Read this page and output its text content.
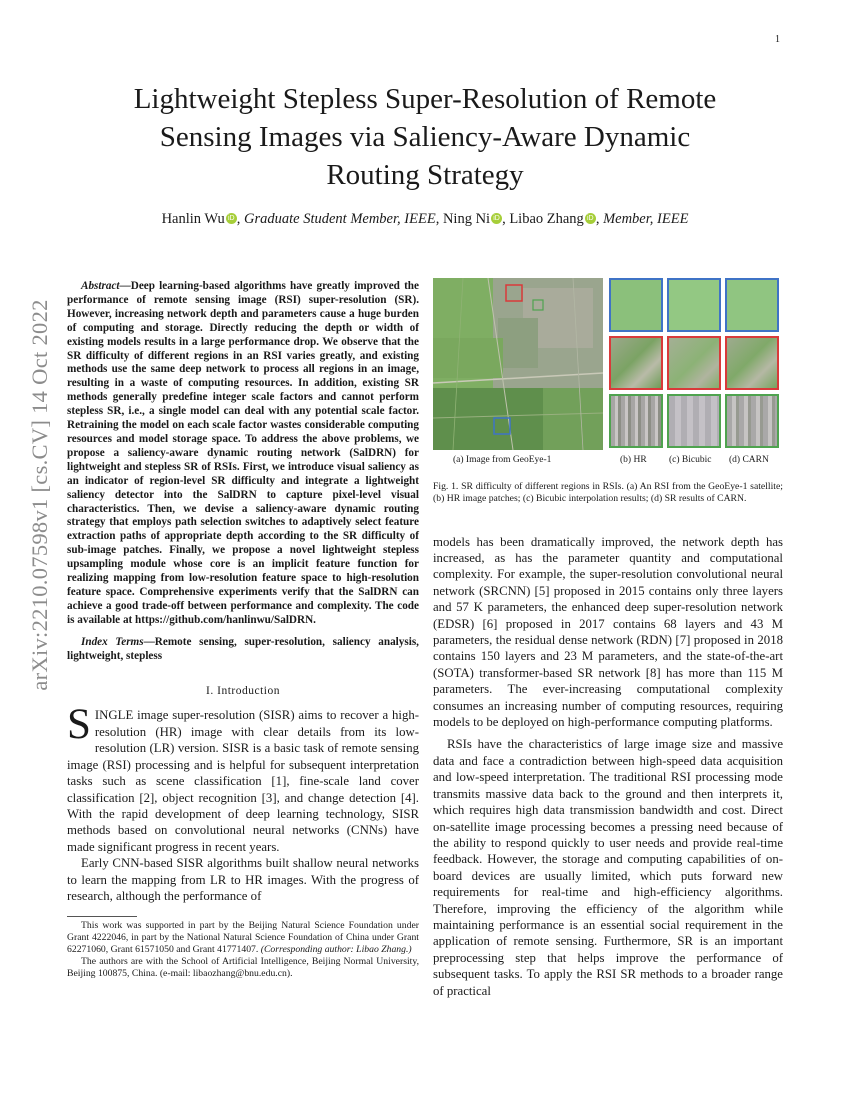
1
arXiv:2210.07598v1 [cs.CV] 14 Oct 2022
Lightweight Stepless Super-Resolution of Remote
Sensing Images via Saliency-Aware Dynamic
Routing Strategy
Hanlin Wu iD , Graduate Student Member, IEEE, Ning Ni iD , Libao Zhang iD , Member, IEEE
Abstract—Deep learning-based algorithms have greatly improved the performance of remote sensing image (RSI) super-resolution (SR). However, increasing network depth and parameters cause a huge burden of computing and storage. Directly reducing the depth or width of existing models results in a large performance drop. We observe that the SR difficulty of different regions in an RSI varies greatly, and existing methods use the same deep network to process all regions in an image, resulting in a waste of computing resources. In addition, existing SR methods generally predefine integer scale factors and cannot perform stepless SR, i.e., a single model can deal with any potential scale factor. Retraining the model on each scale factor wastes considerable computing resources and model storage space. To address the above problems, we propose a saliency-aware dynamic routing network (SalDRN) for lightweight and stepless SR of RSIs. First, we introduce visual saliency as an indicator of region-level SR difficulty and integrate a lightweight saliency detector into the SalDRN to capture pixel-level visual characteristics. Then, we devise a saliency-aware dynamic routing strategy that employs path selection switches to adaptively select feature extraction paths of appropriate depth according to the SR difficulty of sub-image patches. Finally, we propose a novel lightweight stepless upsampling module whose core is an implicit feature function for realizing mapping from low-resolution feature space to high-resolution feature space. Comprehensive experiments verify that the SalDRN can achieve a good trade-off between performance and complexity. The code is available at https://github.com/hanlinwu/SalDRN.
Index Terms—Remote sensing, super-resolution, saliency analysis, lightweight, stepless
I. Introduction

SINGLE image super-resolution (SISR) aims to recover a high-resolution (HR) image with clear details from its low-resolution (LR) version. SISR is a basic task of remote sensing image (RSI) processing and is helpful for subsequent interpretation tasks such as scene classification [1], fine-scale land cover classification [2], object recognition [3], and change detection [4]. With the rapid development of deep learning technology, SISR methods based on convolutional neural networks (CNNs) have made significant progress in recent years.

Early CNN-based SISR algorithms built shallow neural networks to learn the mapping from LR to HR images. With the progress of research, although the performance of

This work was supported in part by the Beijing Natural Science Foundation under Grant 4222046, in part by the National Natural Science Foundation of China under Grant 62271060, Grant 61571050 and Grant 41771407. (Corresponding author: Libao Zhang.)
The authors are with the School of Artificial Intelligence, Beijing Normal University, Beijing 100875, China. (e-mail: libaozhang@bnu.edu.cn).
(a) Image from GeoEye-1	(b) HR (c) Bicubic (d) CARN
Fig. 1. SR difficulty of different regions in RSIs. (a) An RSI from the GeoEye-1 satellite; (b) HR image patches; (c) Bicubic interpolation results; (d) SR results of CARN.

models has been dramatically improved, the network depth has increased, as has the parameter quantity and computational complexity. For example, the super-resolution convolutional neural network (SRCNN) [5] proposed in 2015 contains only three layers and 57 K parameters, the enhanced deep super-resolution network (EDSR) [6] proposed in 2017 contains 68 layers and 43 M parameters, the residual dense network (RDN) [7] proposed in 2018 contains 150 layers and 23 M parameters, and the state-of-the-art (SOTA) transformer-based SR network [8] has more than 115 M parameters. The ever-increasing computational complexity consumes an increasing number of computing resources, requiring models to be deployed on high-performance computing platforms.

RSIs have the characteristics of large image size and massive data and face a contradiction between high-speed data acquisition and low-speed interpretation. The traditional RSI processing mode transmits massive data back to the ground and then interprets it, which requires high data transmission bandwidth and cost. Direct on-satellite image processing becomes a pressing need because of the ability to respond quickly to user needs and provide real-time feedback. However, the storage and computing capabilities of on-board devices are usually limited, which puts forward new requirements for real-time and high-efficiency algorithms. Therefore, improving the efficiency of the algorithm while maintaining performance is an essential social requirement in the application of remote sensing. Furthermore, SR is an important preprocessing step that helps improve the performance of subsequent tasks. To apply the RSI SR methods to a broader range of practical
